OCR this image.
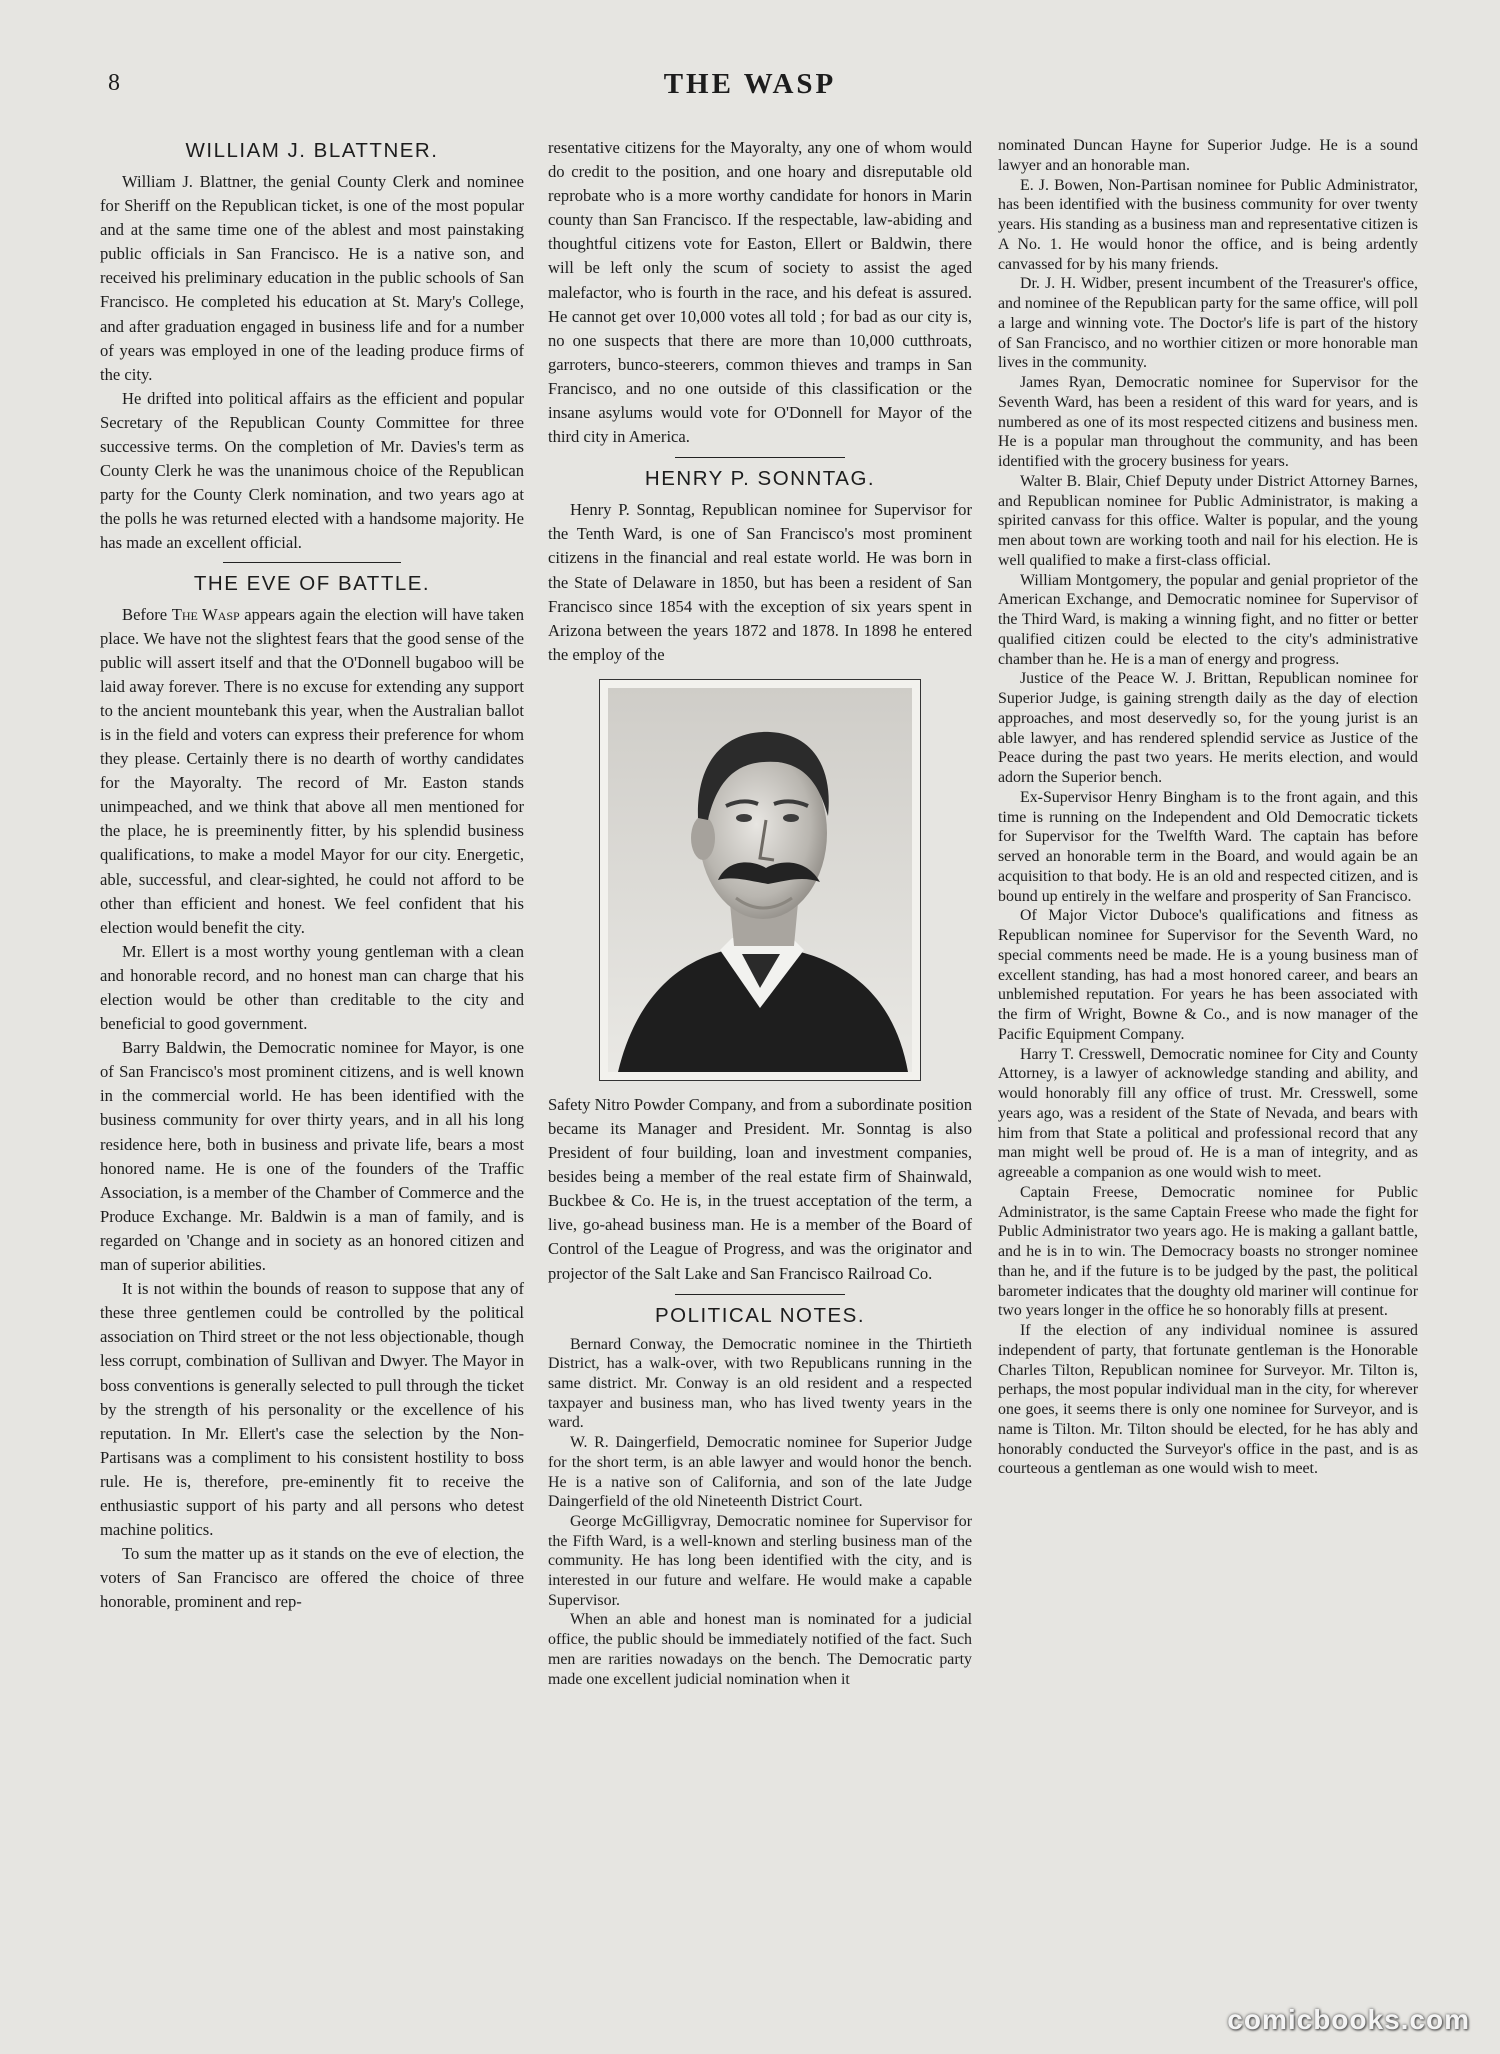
8	THE WASP
WILLIAM J. BLATTNER.

William J. Blattner, the genial County Clerk and nominee for Sheriff on the Republican ticket, is one of the most popular and at the same time one of the ablest and most painstaking public officials in San Francisco. He is a native son, and received his preliminary education in the public schools of San Francisco. He completed his education at St. Mary's College, and after graduation engaged in business life and for a number of years was employed in one of the leading produce firms of the city.

He drifted into political affairs as the efficient and popular Secretary of the Republican County Committee for three successive terms. On the completion of Mr. Davies's term as County Clerk he was the unanimous choice of the Republican party for the County Clerk nomination, and two years ago at the polls he was returned elected with a handsome majority. He has made an excellent official.

THE EVE OF BATTLE.

Before The Wasp appears again the election will have taken place. We have not the slightest fears that the good sense of the public will assert itself and that the O'Donnell bugaboo will be laid away forever. There is no excuse for extending any support to the ancient mountebank this year, when the Australian ballot is in the field and voters can express their preference for whom they please. Certainly there is no dearth of worthy candidates for the Mayoralty. The record of Mr. Easton stands unimpeached, and we think that above all men mentioned for the place, he is preeminently fitter, by his splendid business qualifications, to make a model Mayor for our city. Energetic, able, successful, and clear-sighted, he could not afford to be other than efficient and honest. We feel confident that his election would benefit the city.

Mr. Ellert is a most worthy young gentleman with a clean and honorable record, and no honest man can charge that his election would be other than creditable to the city and beneficial to good government.

Barry Baldwin, the Democratic nominee for Mayor, is one of San Francisco's most prominent citizens, and is well known in the commercial world. He has been identified with the business community for over thirty years, and in all his long residence here, both in business and private life, bears a most honored name. He is one of the founders of the Traffic Association, is a member of the Chamber of Commerce and the Produce Exchange. Mr. Baldwin is a man of family, and is regarded on 'Change and in society as an honored citizen and man of superior abilities.

It is not within the bounds of reason to suppose that any of these three gentlemen could be controlled by the political association on Third street or the not less objectionable, though less corrupt, combination of Sullivan and Dwyer. The Mayor in boss conventions is generally selected to pull through the ticket by the strength of his personality or the excellence of his reputation. In Mr. Ellert's case the selection by the Non-Partisans was a compliment to his consistent hostility to boss rule. He is, therefore, pre-eminently fit to receive the enthusiastic support of his party and all persons who detest machine politics.

To sum the matter up as it stands on the eve of election, the voters of San Francisco are offered the choice of three honorable, prominent and rep-

resentative citizens for the Mayoralty, any one of whom would do credit to the position, and one hoary and disreputable old reprobate who is a more worthy candidate for honors in Marin county than San Francisco. If the respectable, law-abiding and thoughtful citizens vote for Easton, Ellert or Baldwin, there will be left only the scum of society to assist the aged malefactor, who is fourth in the race, and his defeat is assured. He cannot get over 10,000 votes all told ; for bad as our city is, no one suspects that there are more than 10,000 cutthroats, garroters, bunco-steerers, common thieves and tramps in San Francisco, and no one outside of this classification or the insane asylums would vote for O'Donnell for Mayor of the third city in America.

HENRY P. SONNTAG.

Henry P. Sonntag, Republican nominee for Supervisor for the Tenth Ward, is one of San Francisco's most prominent citizens in the financial and real estate world. He was born in the State of Delaware in 1850, but has been a resident of San Francisco since 1854 with the exception of six years spent in Arizona between the years 1872 and 1878. In 1898 he entered the employ of the

Safety Nitro Powder Company, and from a subordinate position became its Manager and President. Mr. Sonntag is also President of four building, loan and investment companies, besides being a member of the real estate firm of Shainwald, Buckbee & Co. He is, in the truest acceptation of the term, a live, go-ahead business man. He is a member of the Board of Control of the League of Progress, and was the originator and projector of the Salt Lake and San Francisco Railroad Co.

POLITICAL NOTES.

Bernard Conway, the Democratic nominee in the Thirtieth District, has a walk-over, with two Republicans running in the same district. Mr. Conway is an old resident and a respected taxpayer and business man, who has lived twenty years in the ward.

W. R. Daingerfield, Democratic nominee for Superior Judge for the short term, is an able lawyer and would honor the bench. He is a native son of California, and son of the late Judge Daingerfield of the old Nineteenth District Court.

George McGilligvray, Democratic nominee for Supervisor for the Fifth Ward, is a well-known and sterling business man of the community. He has long been identified with the city, and is interested in our future and welfare. He would make a capable Supervisor.

When an able and honest man is nominated for a judicial office, the public should be immediately notified of the fact. Such men are rarities nowadays on the bench. The Democratic party made one excellent judicial nomination when it

nominated Duncan Hayne for Superior Judge. He is a sound lawyer and an honorable man.

E. J. Bowen, Non-Partisan nominee for Public Administrator, has been identified with the business community for over twenty years. His standing as a business man and representative citizen is A No. 1. He would honor the office, and is being ardently canvassed for by his many friends.

Dr. J. H. Widber, present incumbent of the Treasurer's office, and nominee of the Republican party for the same office, will poll a large and winning vote. The Doctor's life is part of the history of San Francisco, and no worthier citizen or more honorable man lives in the community.

James Ryan, Democratic nominee for Supervisor for the Seventh Ward, has been a resident of this ward for years, and is numbered as one of its most respected citizens and business men. He is a popular man throughout the community, and has been identified with the grocery business for years.

Walter B. Blair, Chief Deputy under District Attorney Barnes, and Republican nominee for Public Administrator, is making a spirited canvass for this office. Walter is popular, and the young men about town are working tooth and nail for his election. He is well qualified to make a first-class official.

William Montgomery, the popular and genial proprietor of the American Exchange, and Democratic nominee for Supervisor of the Third Ward, is making a winning fight, and no fitter or better qualified citizen could be elected to the city's administrative chamber than he. He is a man of energy and progress.

Justice of the Peace W. J. Brittan, Republican nominee for Superior Judge, is gaining strength daily as the day of election approaches, and most deservedly so, for the young jurist is an able lawyer, and has rendered splendid service as Justice of the Peace during the past two years. He merits election, and would adorn the Superior bench.

Ex-Supervisor Henry Bingham is to the front again, and this time is running on the Independent and Old Democratic tickets for Supervisor for the Twelfth Ward. The captain has before served an honorable term in the Board, and would again be an acquisition to that body. He is an old and respected citizen, and is bound up entirely in the welfare and prosperity of San Francisco.

Of Major Victor Duboce's qualifications and fitness as Republican nominee for Supervisor for the Seventh Ward, no special comments need be made. He is a young business man of excellent standing, has had a most honored career, and bears an unblemished reputation. For years he has been associated with the firm of Wright, Bowne & Co., and is now manager of the Pacific Equipment Company.

Harry T. Cresswell, Democratic nominee for City and County Attorney, is a lawyer of acknowledge standing and ability, and would honorably fill any office of trust. Mr. Cresswell, some years ago, was a resident of the State of Nevada, and bears with him from that State a political and professional record that any man might well be proud of. He is a man of integrity, and as agreeable a companion as one would wish to meet.

Captain Freese, Democratic nominee for Public Administrator, is the same Captain Freese who made the fight for Public Administrator two years ago. He is making a gallant battle, and he is in to win. The Democracy boasts no stronger nominee than he, and if the future is to be judged by the past, the political barometer indicates that the doughty old mariner will continue for two years longer in the office he so honorably fills at present.

If the election of any individual nominee is assured independent of party, that fortunate gentleman is the Honorable Charles Tilton, Republican nominee for Surveyor. Mr. Tilton is, perhaps, the most popular individual man in the city, for wherever one goes, it seems there is only one nominee for Surveyor, and is name is Tilton. Mr. Tilton should be elected, for he has ably and honorably conducted the Surveyor's office in the past, and is as courteous a gentleman as one would wish to meet.

comicbooks.com
